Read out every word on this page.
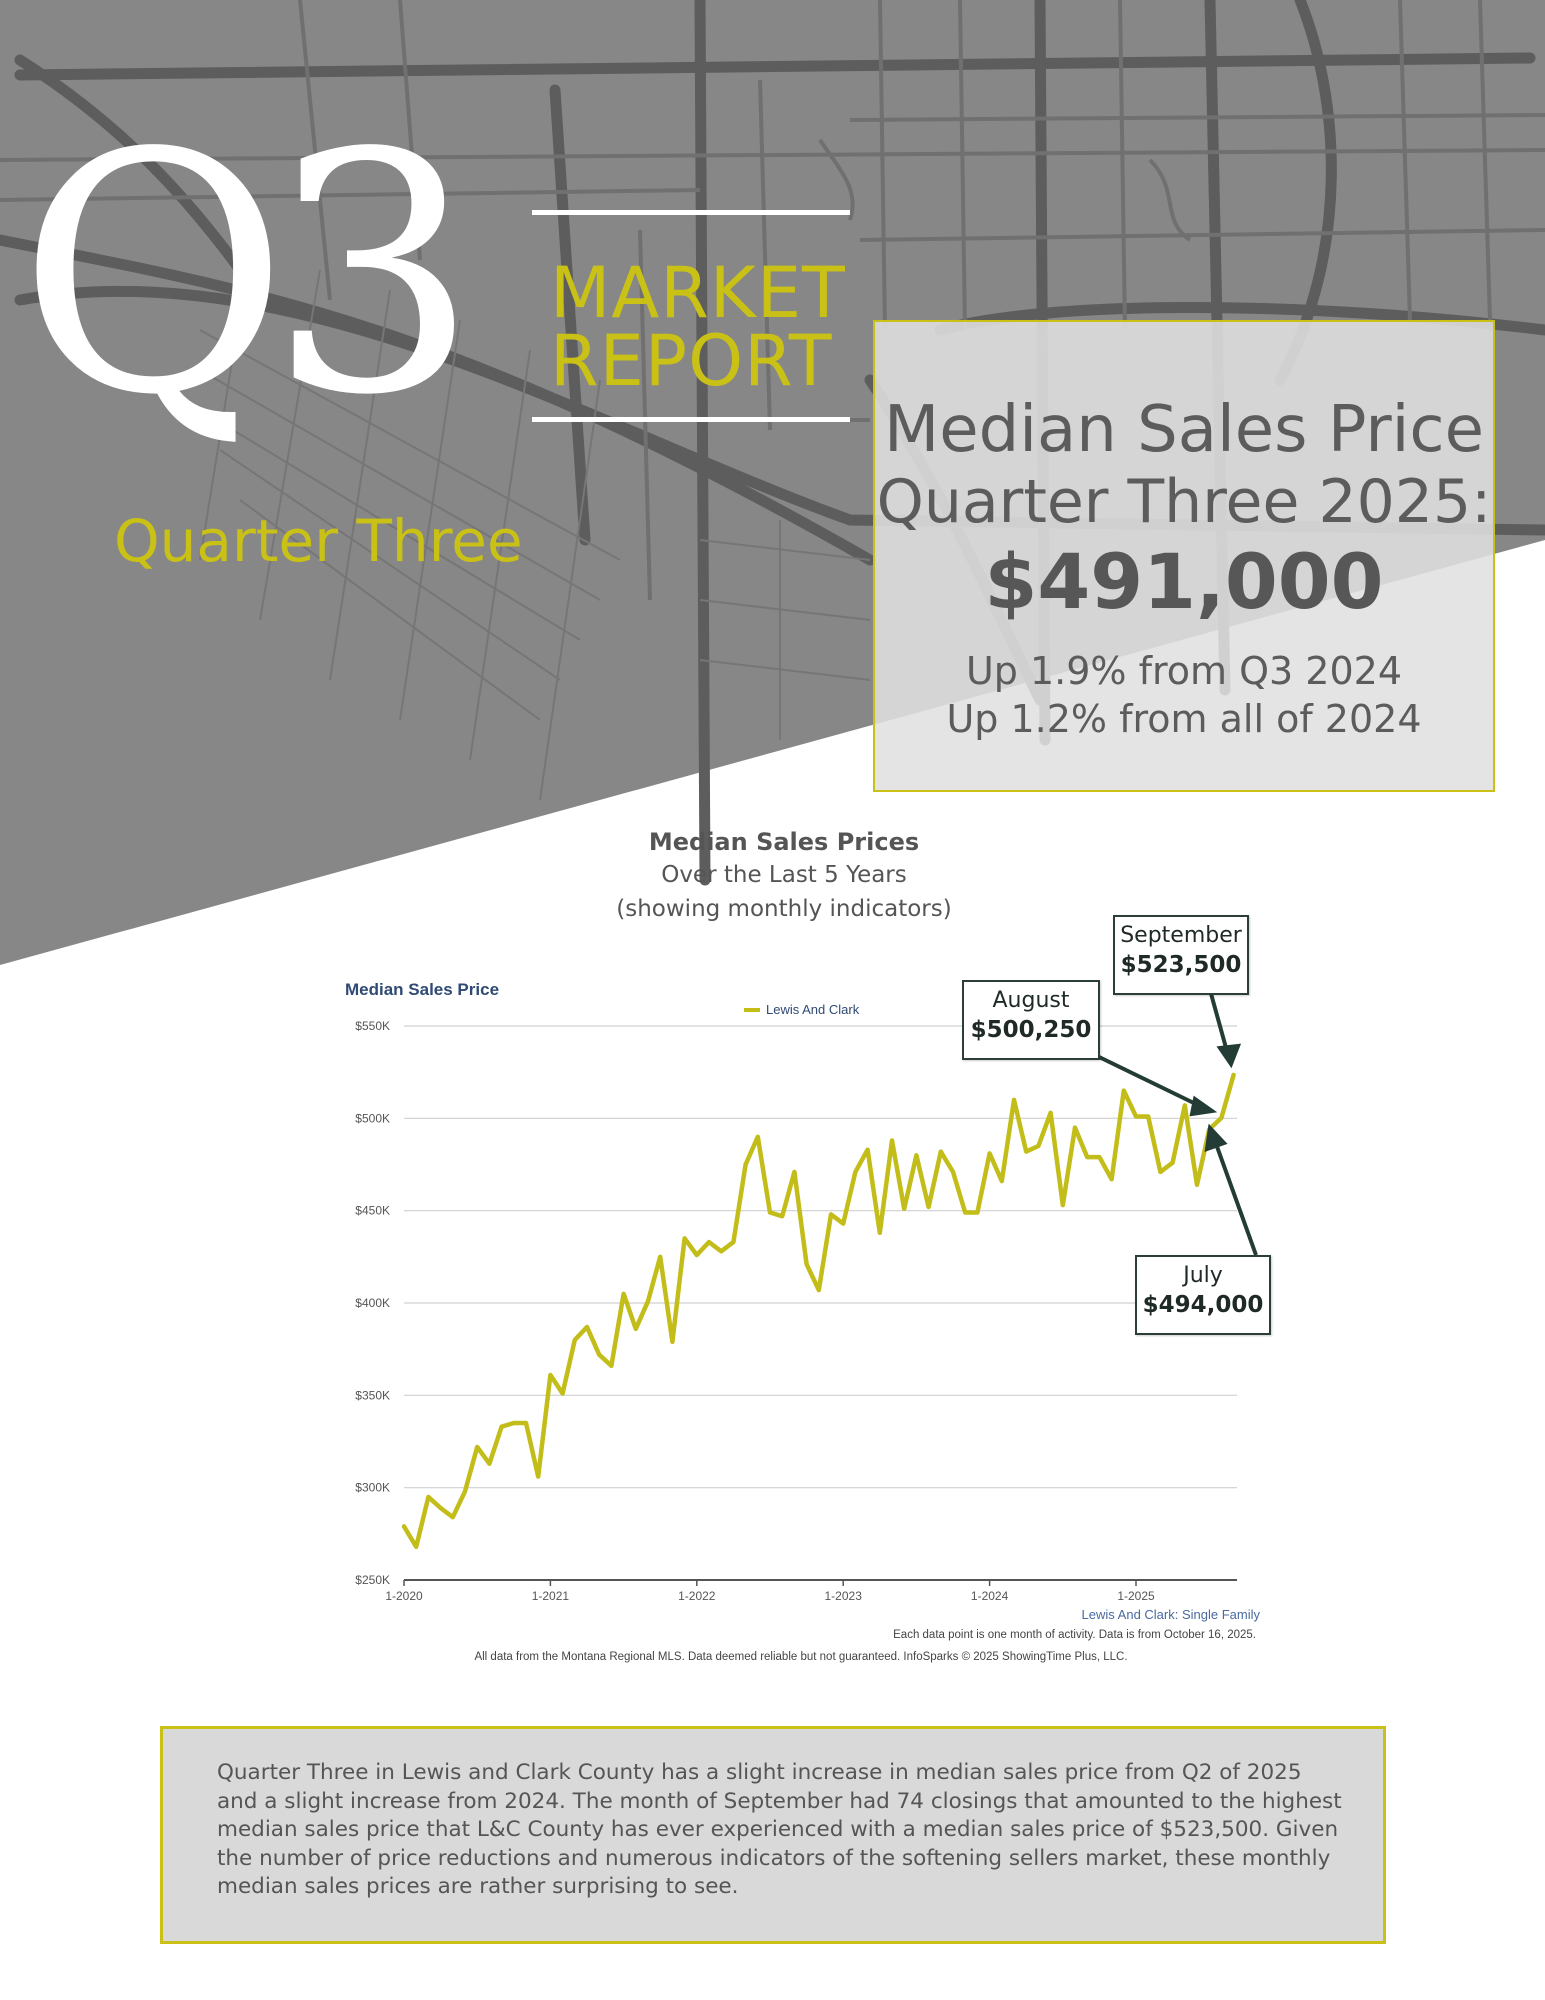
Q3 MARKET
REPORT
Quarter Three
Median Sales Price
Quarter Three 2025:
$491,000
Up 1.9% from Q3 2024
Up 1.2% from all of 2024
Median Sales Prices
Over the Last 5 Years
(showing monthly indicators)
Median Sales Price
$250K
$300K
$350K
$400K
$450K
$500K
$550K
1-2020	1-2021	1-2022	1-2023	1-2024	1-2025
Lewis And Clark
Lewis And Clark: Single Family
Each data point is one month of activity. Data is from October 16, 2025.
All data from the Montana Regional MLS. Data deemed reliable but not guaranteed. InfoSparks © 2025 ShowingTime Plus, LLC.
September
$523,500
August
$500,250
July
$494,000
Quarter Three in Lewis and Clark County has a slight increase in median sales price from Q2 of 2025 and a slight increase from 2024. The month of September had 74 closings that amounted to the highest median sales price that L&C County has ever experienced with a median sales price of $523,500. Given the number of price reductions and numerous indicators of the softening sellers market, these monthly median sales prices are rather surprising to see.
